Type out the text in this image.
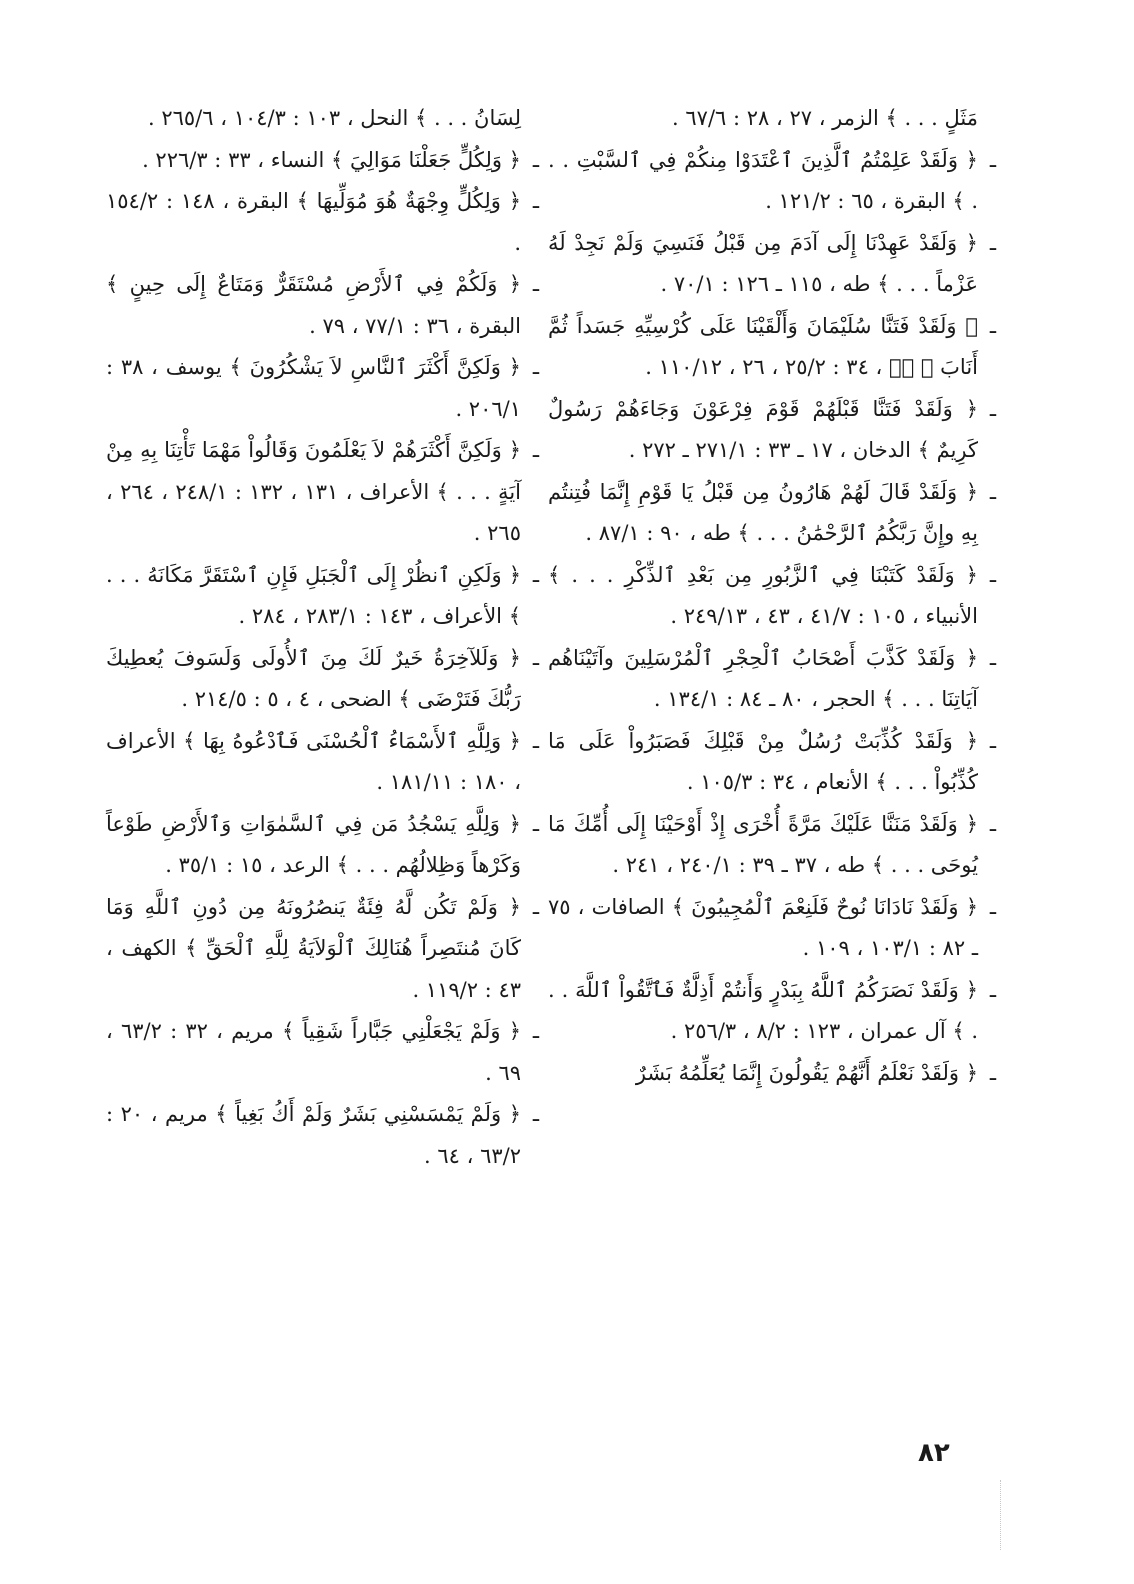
مَثَلٍ . . . ﴾ الزمر ، ٢٧ ، ٢٨ : ٦٧/٦ .

ـ
﴿ وَلَقَدْ عَلِمْتُمُ ٱلَّذِينَ ٱعْتَدَوْا مِنكُمْ فِي ٱلسَّبْتِ . . . ﴾ البقرة ، ٦٥ : ١٢١/٢ .

ـ
﴿ وَلَقَدْ عَهِدْنَا إِلَى آدَمَ مِن قَبْلُ فَنَسِيَ وَلَمْ نَجِدْ لَهُ عَزْماً . . . ﴾ طه ، ١١٥ ـ ١٢٦ : ٧٠/١ .

ـ
﴿ وَلَقَدْ فَتَنَّا سُلَيْمَانَ وَأَلْقَيْنَا عَلَى كُرْسِيِّهِ جَسَداً ثُمَّ أَنَابَ ﴾ صۤ ، ٣٤ : ٢٥/٢ ، ٢٦ ، ١١٠/١٢ .

ـ
﴿ وَلَقَدْ فَتَنَّا قَبْلَهُمْ قَوْمَ فِرْعَوْنَ وَجَاءَهُمْ رَسُولٌ كَرِيمٌ ﴾ الدخان ، ١٧ ـ ٣٣ : ٢٧١/١ ـ ٢٧٢ .

ـ
﴿ وَلَقَدْ قَالَ لَهُمْ هَارُونُ مِن قَبْلُ يَا قَوْمِ إِنَّمَا فُتِنتُم بِهِ وإِنَّ رَبَّكُمُ ٱلرَّحْمَٰنُ . . . ﴾ طه ، ٩٠ : ٨٧/١ .

ـ
﴿ وَلَقَدْ كَتَبْنَا فِي ٱلزَّبُورِ مِن بَعْدِ ٱلذِّكْرِ . . . ﴾ الأنبياء ، ١٠٥ : ٤١/٧ ، ٤٣ ، ٢٤٩/١٣ .

ـ
﴿ وَلَقَدْ كَذَّبَ أَصْحَابُ ٱلْحِجْرِ ٱلْمُرْسَلِينَ وآتَيْنَاهُم آيَاتِنَا . . . ﴾ الحجر ، ٨٠ ـ ٨٤ : ١٣٤/١ .

ـ
﴿ وَلَقَدْ كُذِّبَتْ رُسُلٌ مِنْ قَبْلِكَ فَصَبَرُواْ عَلَى مَا كُذِّبُواْ . . . ﴾ الأنعام ، ٣٤ : ١٠٥/٣ .

ـ
﴿ وَلَقَدْ مَنَنَّا عَلَيْكَ مَرَّةً أُخْرَى إِذْ أَوْحَيْنَا إِلَى أُمِّكَ مَا يُوحَى . . . ﴾ طه ، ٣٧ ـ ٣٩ : ٢٤٠/١ ، ٢٤١ .

ـ
﴿ وَلَقَدْ نَادَانَا نُوحٌ فَلَنِعْمَ ٱلْمُجِيبُونَ ﴾ الصافات ، ٧٥ ـ ٨٢ : ١٠٣/١ ، ١٠٩ .

ـ
﴿ وَلَقَدْ نَصَرَكُمُ ٱللَّهُ بِبَدْرٍ وَأَنتُمْ أَذِلَّةٌ فَٱتَّقُواْ ٱللَّهَ . . . ﴾ آل عمران ، ١٢٣ : ٨/٢ ، ٢٥٦/٣ .

ـ
﴿ وَلَقَدْ نَعْلَمُ أَنَّهُمْ يَقُولُونَ إِنَّمَا يُعَلِّمُهُ بَشَرٌ

لِسَانُ . . . ﴾ النحل ، ١٠٣ : ١٠٤/٣ ، ٢٦٥/٦ .

ـ
﴿ وَلِكُلٍّ جَعَلْنَا مَوَالِيَ ﴾ النساء ، ٣٣ : ٢٢٦/٣ .

ـ
﴿ وَلِكُلٍّ وِجْهَةٌ هُوَ مُوَلِّيهَا ﴾ البقرة ، ١٤٨ : ١٥٤/٢ .

ـ
﴿ وَلَكُمْ فِي ٱلأَرْضِ مُسْتَقَرٌّ وَمَتَاعٌ إِلَى حِينٍ ﴾ البقرة ، ٣٦ : ٧٧/١ ، ٧٩ .

ـ
﴿ وَلَكِنَّ أَكْثَرَ ٱلنَّاسِ لاَ يَشْكُرُونَ ﴾ يوسف ، ٣٨ : ٢٠٦/١ .

ـ
﴿ وَلَكِنَّ أَكْثَرَهُمْ لاَ يَعْلَمُونَ وَقَالُواْ مَهْمَا تَأْتِنَا بِهِ مِنْ آيَةٍ . . . ﴾ الأعراف ، ١٣١ ، ١٣٢ : ٢٤٨/١ ، ٢٦٤ ، ٢٦٥ .

ـ
﴿ وَلَكِنِ ٱنظُرْ إِلَى ٱلْجَبَلِ فَإِنِ ٱسْتَقَرَّ مَكَانَهُ . . . ﴾ الأعراف ، ١٤٣ : ٢٨٣/١ ، ٢٨٤ .

ـ
﴿ وَلَلآخِرَةُ خَيرٌ لَكَ مِنَ ٱلأُولَى وَلَسَوفَ يُعطِيكَ رَبُّكَ فَتَرْضَى ﴾ الضحى ، ٤ ، ٥ : ٢١٤/٥ .

ـ
﴿ وَلِلَّهِ ٱلأَسْمَاءُ ٱلْحُسْنَى فَٱدْعُوهُ بِهَا ﴾ الأعراف ، ١٨٠ : ١٨١/١١ .

ـ
﴿ وَلِلَّهِ يَسْجُدُ مَن فِي ٱلسَّمٰوَاتِ وَٱلأَرْضِ طَوْعاً وَكَرْهاً وَظِلالُهُم . . . ﴾ الرعد ، ١٥ : ٣٥/١ .

ـ
﴿ وَلَمْ تَكُن لَّهُ فِئَةٌ يَنصُرُونَهُ مِن دُونِ ٱللَّهِ وَمَا كَانَ مُنتَصِراً هُنَالِكَ ٱلْوَلاَيَةُ لِلَّهِ ٱلْحَقِّ ﴾ الكهف ، ٤٣ : ١١٩/٢ .

ـ
﴿ وَلَمْ يَجْعَلْنِي جَبَّاراً شَقِياً ﴾ مريم ، ٣٢ : ٦٣/٢ ، ٦٩ .

ـ
﴿ وَلَمْ يَمْسَسْنِي بَشَرٌ وَلَمْ أَكُ بَغِياً ﴾ مريم ، ٢٠ : ٦٣/٢ ، ٦٤ .

٨٢
